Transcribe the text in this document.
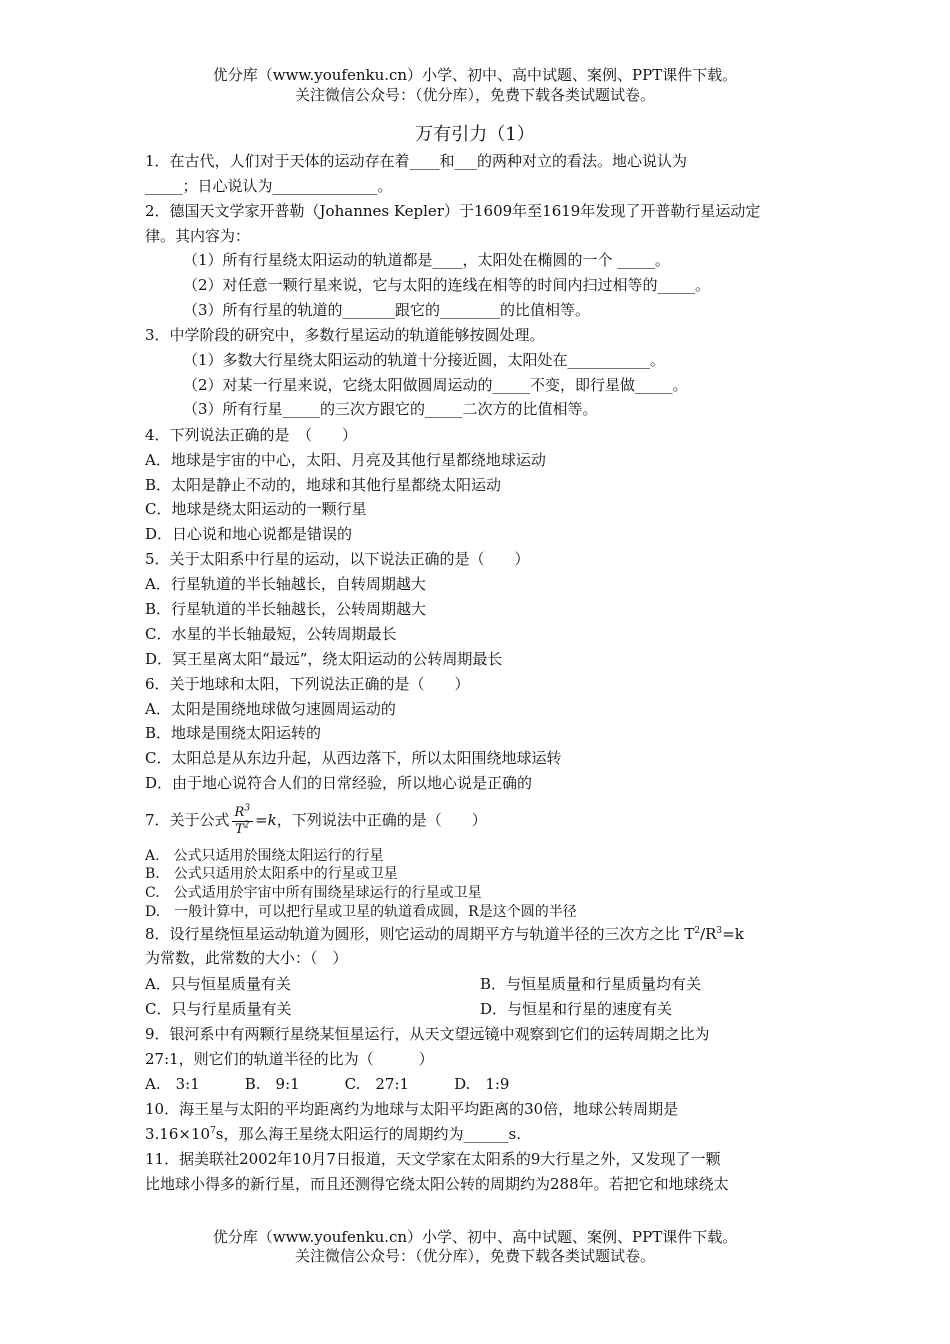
优分库（www.youfenku.cn）小学、初中、高中试题、案例、PPT课件下载。
关注微信公众号：（优分库），免费下载各类试题试卷。
万有引力（1）
1．在古代，人们对于天体的运动存在着____和___的两种对立的看法。地心说认为
_____；日心说认为______________。
2．德国天文学家开普勒（Johannes Kepler）于1609年至1619年发现了开普勒行星运动定
律。其内容为：
（1）所有行星绕太阳运动的轨道都是____，太阳处在椭圆的一个 _____。
（2）对任意一颗行星来说，它与太阳的连线在相等的时间内扫过相等的_____。
（3）所有行星的轨道的_______跟它的________的比值相等。
3．中学阶段的研究中，多数行星运动的轨道能够按圆处理。
（1）多数大行星绕太阳运动的轨道十分接近圆，太阳处在___________。
（2）对某一行星来说，它绕太阳做圆周运动的_____不变，即行星做_____。
（3）所有行星_____的三次方跟它的_____二次方的比值相等。
4．下列说法正确的是　（　　）
A．地球是宇宙的中心，太阳、月亮及其他行星都绕地球运动
B．太阳是静止不动的，地球和其他行星都绕太阳运动
C．地球是绕太阳运动的一颗行星
D．日心说和地心说都是错误的
5．关于太阳系中行星的运动，以下说法正确的是（　　）
A．行星轨道的半长轴越长，自转周期越大
B．行星轨道的半长轴越长，公转周期越大
C．水星的半长轴最短，公转周期最长
D．冥王星离太阳“最远”，绕太阳运动的公转周期最长
6．关于地球和太阳，下列说法正确的是（　　）
A．太阳是围绕地球做匀速圆周运动的
B．地球是围绕太阳运转的
C．太阳总是从东边升起，从西边落下，所以太阳围绕地球运转
D．由于地心说符合人们的日常经验，所以地心说是正确的
7．关于公式 $\frac{R^3}{T^2} =k$，下列说法中正确的是（　　）
A.　公式只适用於围绕太阳运行的行星
B.　公式只适用於太阳系中的行星或卫星
C.　公式适用於宇宙中所有围绕星球运行的行星或卫星
D.　一般计算中，可以把行星或卫星的轨道看成圆，R是这个圆的半径
8．设行星绕恒星运动轨道为圆形，则它运动的周期平方与轨道半径的三次方之比 $T^2/R^3=k$
为常数，此常数的大小：（　）
A．只与恒星质量有关	B．与恒星质量和行星质量均有关
C．只与行星质量有关	D．与恒星和行星的速度有关
9．银河系中有两颗行星绕某恒星运行，从天文望远镜中观察到它们的运转周期之比为
27:1，则它们的轨道半径的比为（　　　）
A.　3:1　　　B.　9:1　　　C.　27:1　　　D.　1:9
10．海王星与太阳的平均距离约为地球与太阳平均距离的30倍，地球公转周期是
$3.16\times 10^7s$，那么海王星绕太阳运行的周期约为______s.
11．据美联社2002年10月7日报道，天文学家在太阳系的9大行星之外，又发现了一颗
比地球小得多的新行星，而且还测得它绕太阳公转的周期约为288年。若把它和地球绕太
优分库（www.youfenku.cn）小学、初中、高中试题、案例、PPT课件下载。
关注微信公众号：（优分库），免费下载各类试题试卷。
